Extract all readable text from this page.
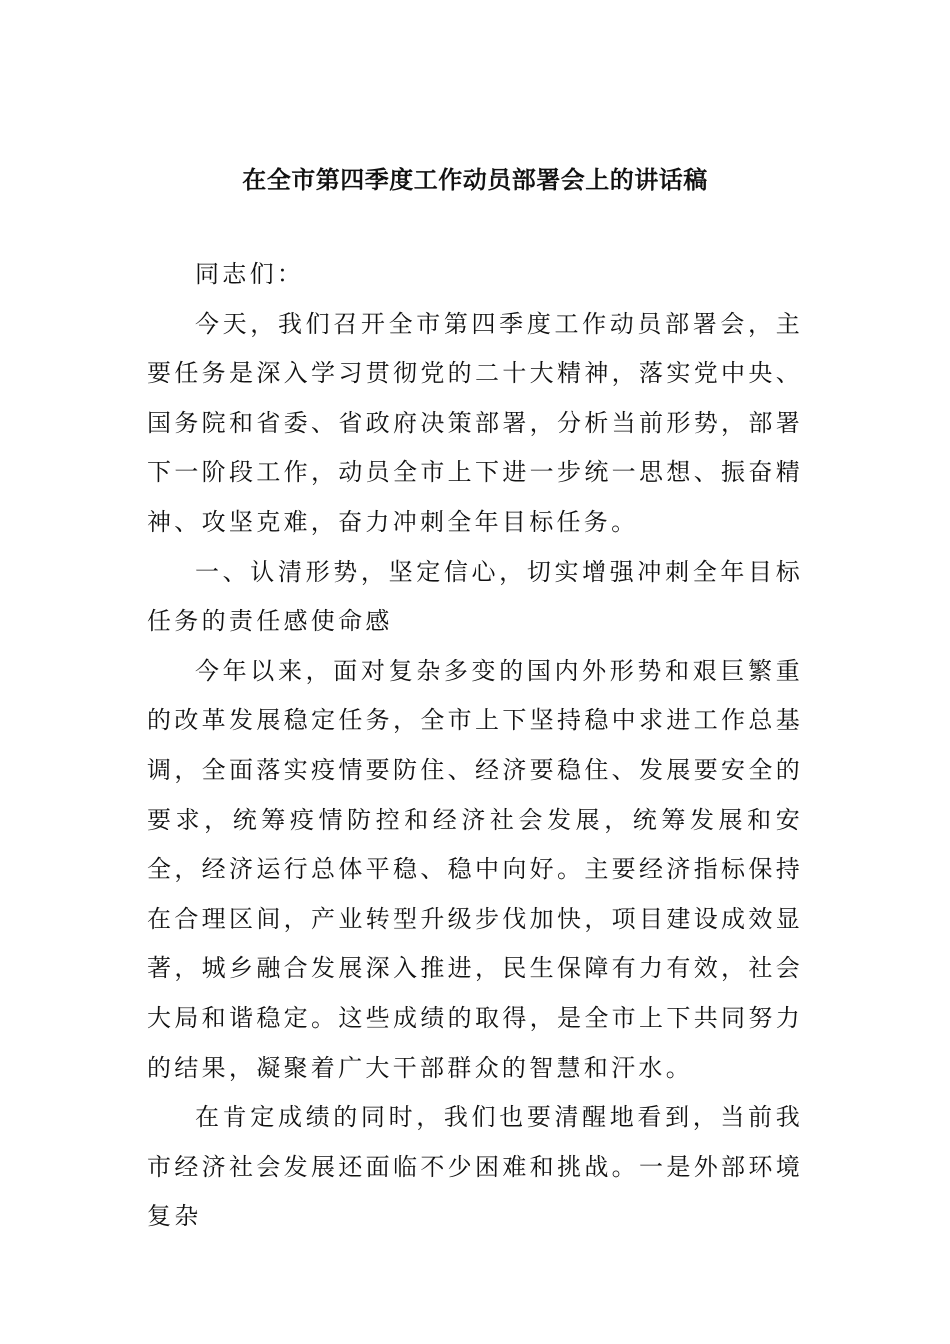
在全市第四季度工作动员部署会上的讲话稿

同志们：

今天，我们召开全市第四季度工作动员部署会，主要任务是深入学习贯彻党的二十大精神，落实党中央、国务院和省委、省政府决策部署，分析当前形势，部署下一阶段工作，动员全市上下进一步统一思想、振奋精神、攻坚克难，奋力冲刺全年目标任务。

一、认清形势，坚定信心，切实增强冲刺全年目标任务的责任感使命感

今年以来，面对复杂多变的国内外形势和艰巨繁重的改革发展稳定任务，全市上下坚持稳中求进工作总基调，全面落实疫情要防住、经济要稳住、发展要安全的要求，统筹疫情防控和经济社会发展，统筹发展和安全，经济运行总体平稳、稳中向好。主要经济指标保持在合理区间，产业转型升级步伐加快，项目建设成效显著，城乡融合发展深入推进，民生保障有力有效，社会大局和谐稳定。这些成绩的取得，是全市上下共同努力的结果，凝聚着广大干部群众的智慧和汗水。

在肯定成绩的同时，我们也要清醒地看到，当前我市经济社会发展还面临不少困难和挑战。一是外部环境复杂
